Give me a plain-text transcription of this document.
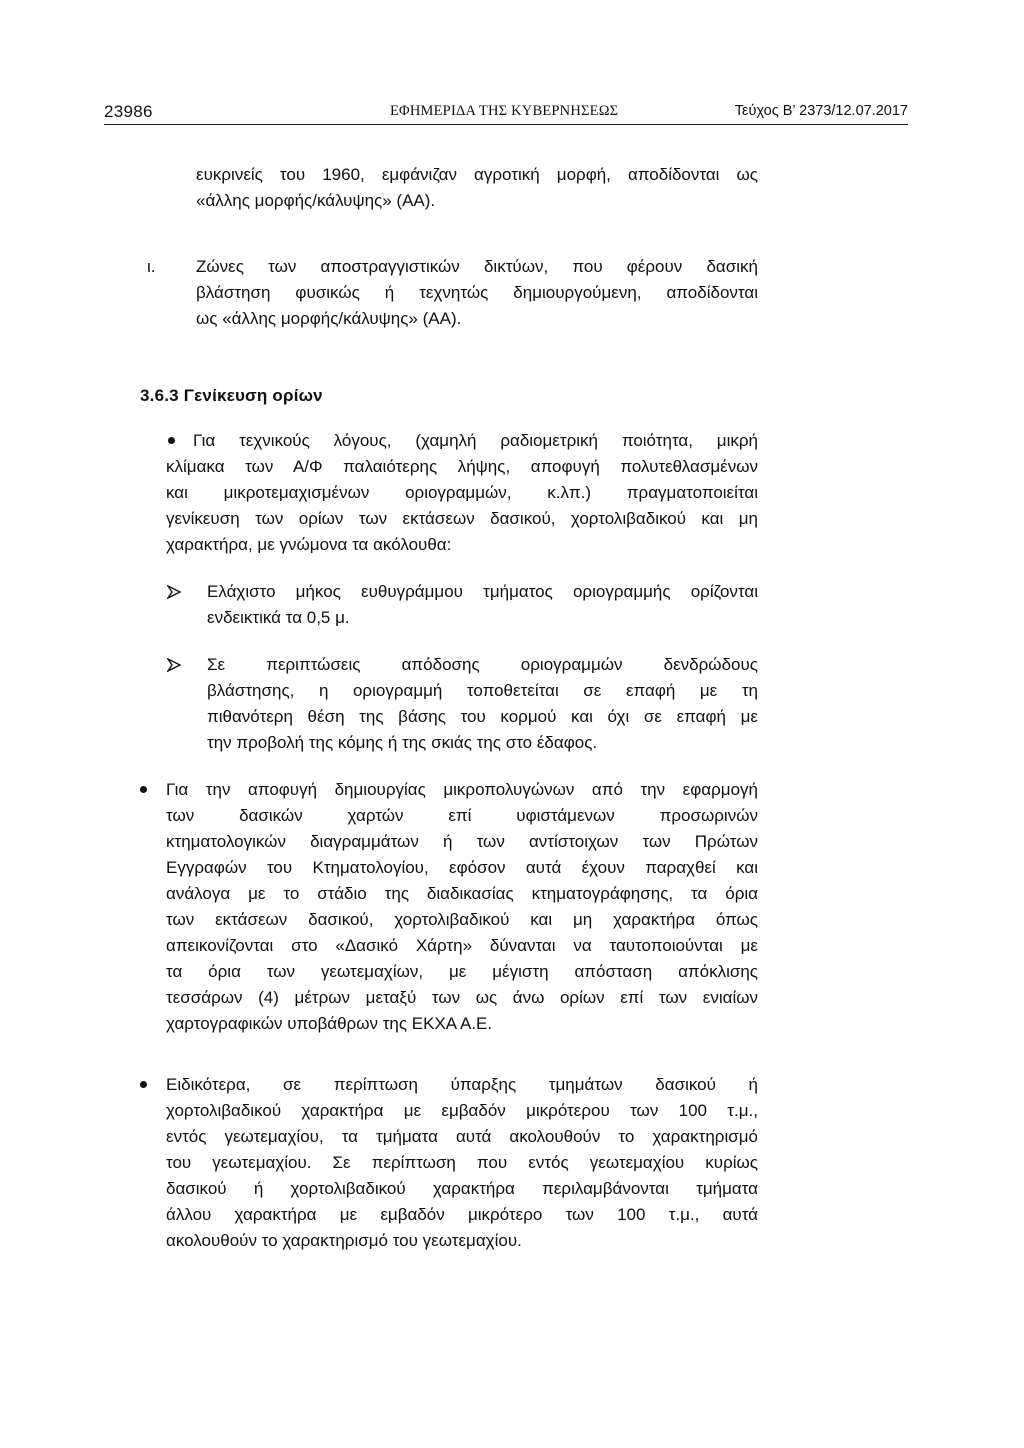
23986	ΕΦΗΜΕΡΙΔΑ ΤΗΣ ΚΥΒΕΡΝΗΣΕΩΣ	Τεύχος Β’ 2373/12.07.2017
ευκρινείς του 1960, εμφάνιζαν αγροτική μορφή, αποδίδονται ως
«άλλης μορφής/κάλυψης» (ΑΑ).
ι. Ζώνες των αποστραγγιστικών δικτύων, που φέρουν δασική
βλάστηση φυσικώς ή τεχνητώς δημιουργούμενη, αποδίδονται
ως «άλλης μορφής/κάλυψης» (ΑΑ).
3.6.3 Γενίκευση ορίων
Για τεχνικούς λόγους, (χαμηλή ραδιομετρική ποιότητα, μικρή
κλίμακα των Α/Φ παλαιότερης λήψης, αποφυγή πολυτεθλασμένων
και μικροτεμαχισμένων οριογραμμών, κ.λπ.) πραγματοποιείται
γενίκευση των ορίων των εκτάσεων δασικού, χορτολιβαδικού και μη
χαρακτήρα, με γνώμονα τα ακόλουθα:
Ελάχιστο μήκος ευθυγράμμου τμήματος οριογραμμής ορίζονται
ενδεικτικά τα 0,5 μ.
Σε περιπτώσεις απόδοσης οριογραμμών δενδρώδους
βλάστησης, η οριογραμμή τοποθετείται σε επαφή με τη
πιθανότερη θέση της βάσης του κορμού και όχι σε επαφή με
την προβολή της κόμης ή της σκιάς της στο έδαφος.
Για την αποφυγή δημιουργίας μικροπολυγώνων από την εφαρμογή
των δασικών χαρτών επί υφιστάμενων προσωρινών
κτηματολογικών διαγραμμάτων ή των αντίστοιχων των Πρώτων
Εγγραφών του Κτηματολογίου, εφόσον αυτά έχουν παραχθεί και
ανάλογα με το στάδιο της διαδικασίας κτηματογράφησης, τα όρια
των εκτάσεων δασικού, χορτολιβαδικού και μη χαρακτήρα όπως
απεικονίζονται στο «Δασικό Χάρτη» δύνανται να ταυτοποιούνται με
τα όρια των γεωτεμαχίων, με μέγιστη απόσταση απόκλισης
τεσσάρων (4) μέτρων μεταξύ των ως άνω ορίων επί των ενιαίων
χαρτογραφικών υποβάθρων της ΕΚΧΑ Α.Ε.
Ειδικότερα, σε περίπτωση ύπαρξης τμημάτων δασικού ή
χορτολιβαδικού χαρακτήρα με εμβαδόν μικρότερου των 100 τ.μ.,
εντός γεωτεμαχίου, τα τμήματα αυτά ακολουθούν το χαρακτηρισμό
του γεωτεμαχίου. Σε περίπτωση που εντός γεωτεμαχίου κυρίως
δασικού ή χορτολιβαδικού χαρακτήρα περιλαμβάνονται τμήματα
άλλου χαρακτήρα με εμβαδόν μικρότερο των 100 τ.μ., αυτά
ακολουθούν το χαρακτηρισμό του γεωτεμαχίου.
